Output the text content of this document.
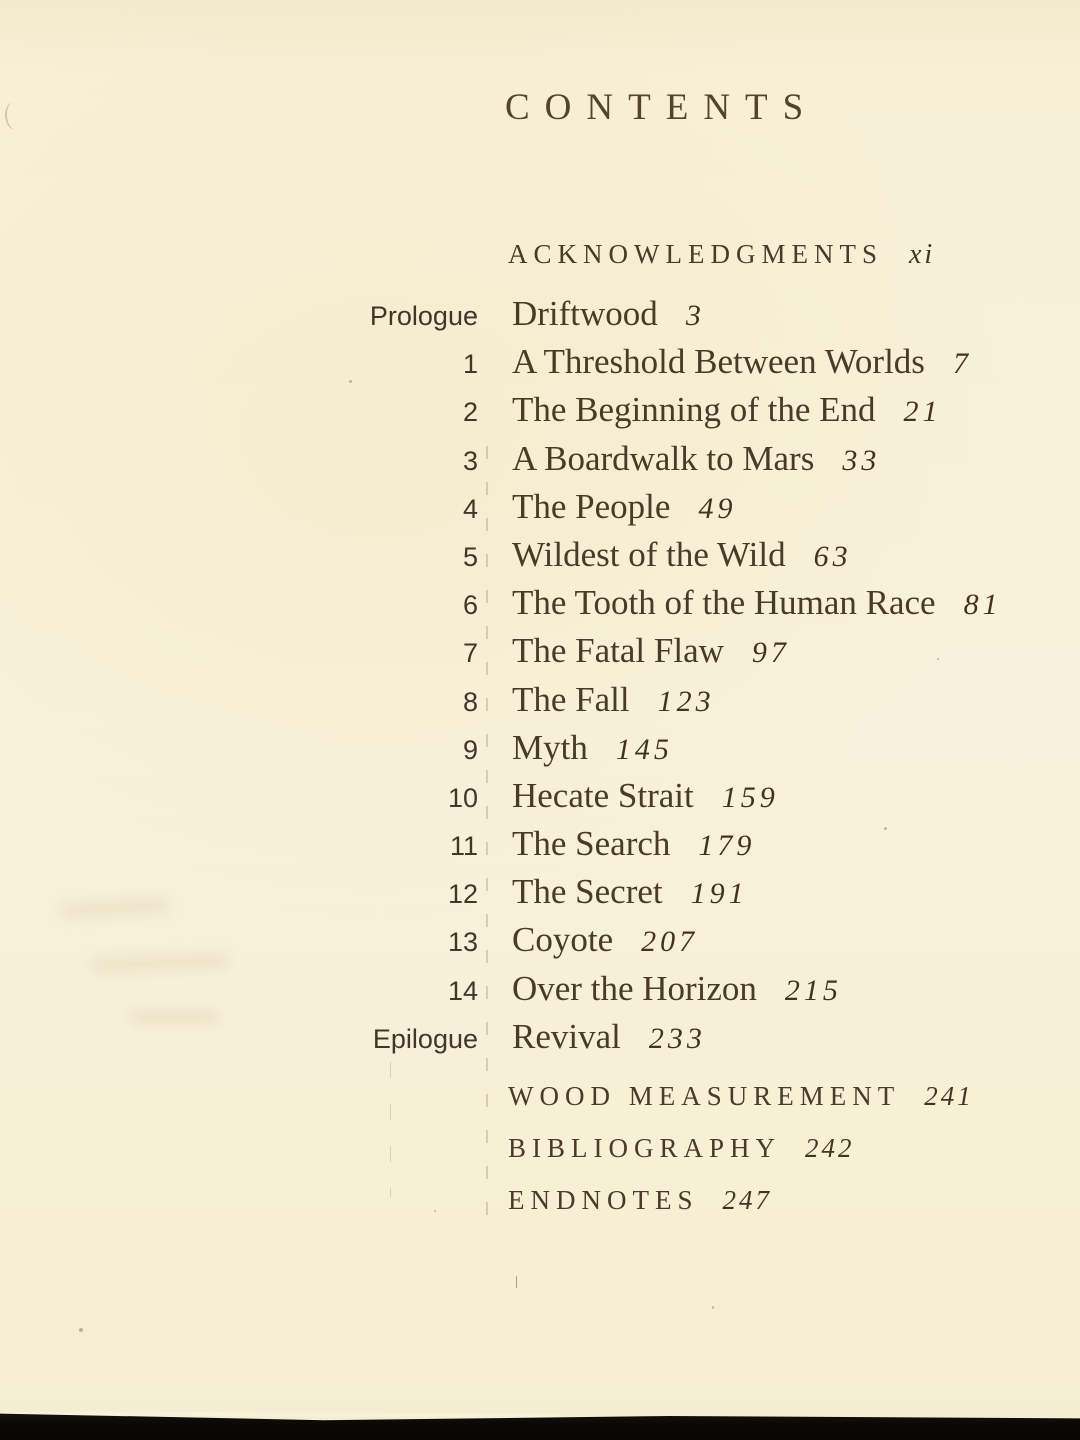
CONTENTS
ACKNOWLEDGMENTS xi
Prologue Driftwood 3
1 A Threshold Between Worlds 7
2 The Beginning of the End 21
3 A Boardwalk to Mars 33
4 The People 49
5 Wildest of the Wild 63
6 The Tooth of the Human Race 81
7 The Fatal Flaw 97
8 The Fall 123
9 Myth 145
10 Hecate Strait 159
11 The Search 179
12 The Secret 191
13 Coyote 207
14 Over the Horizon 215
Epilogue Revival 233
WOOD MEASUREMENT 241
BIBLIOGRAPHY 242
ENDNOTES 247
